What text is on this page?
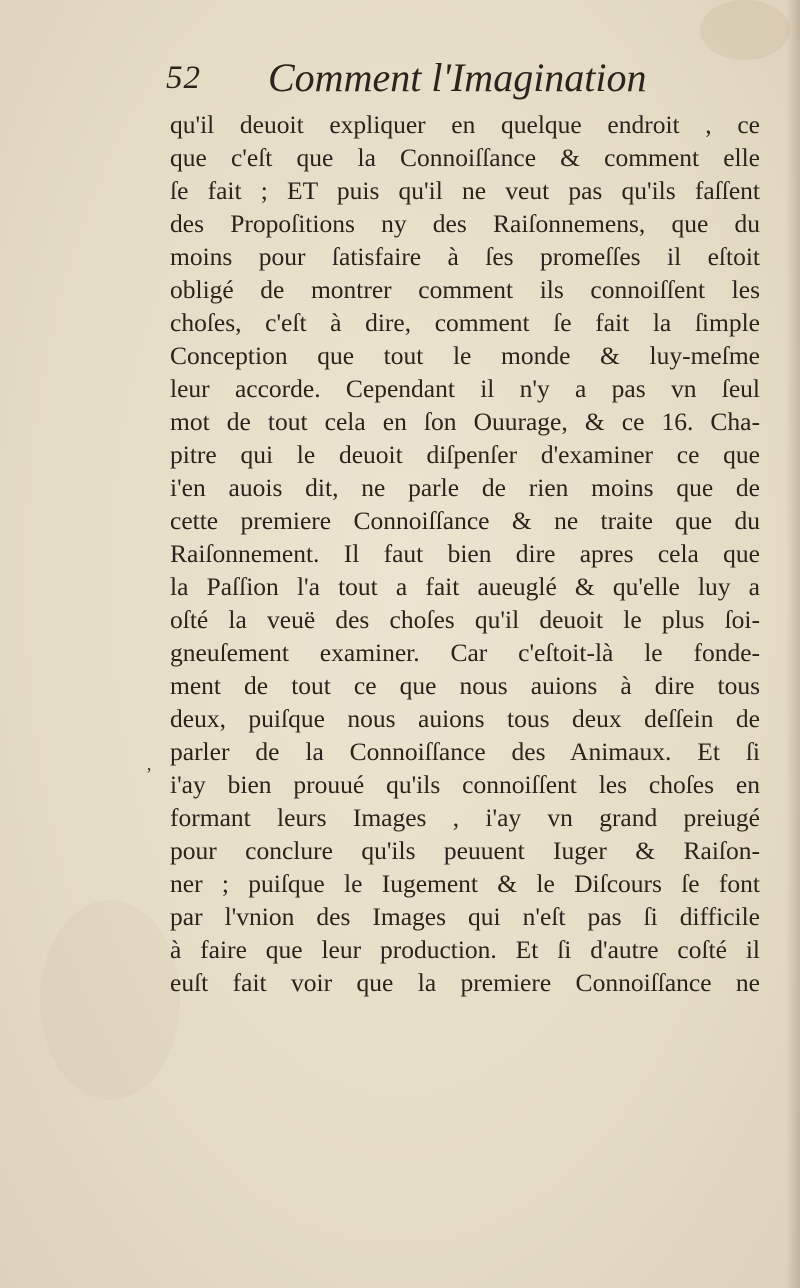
52 Comment l'Imagination
‚
qu'il deuoit expliquer en quelque endroit , ce
que c'eſt que la Connoiſſance & comment elle
ſe fait ; ET puis qu'il ne veut pas qu'ils faſſent
des Propoſitions ny des Raiſonnemens, que du
moins pour ſatisfaire à ſes promeſſes il eſtoit
obligé de montrer comment ils connoiſſent les
choſes, c'eſt à dire, comment ſe fait la ſimple
Conception que tout le monde & luy-meſme
leur accorde. Cependant il n'y a pas vn ſeul
mot de tout cela en ſon Ouurage, & ce 16. Cha-
pitre qui le deuoit diſpenſer d'examiner ce que
i'en auois dit, ne parle de rien moins que de
cette premiere Connoiſſance & ne traite que du
Raiſonnement. Il faut bien dire apres cela que
la Paſſion l'a tout a fait aueuglé & qu'elle luy a
oſté la veuë des choſes qu'il deuoit le plus ſoi-
gneuſement examiner. Car c'eſtoit-là le fonde-
ment de tout ce que nous auions à dire tous
deux, puiſque nous auions tous deux deſſein de
parler de la Connoiſſance des Animaux. Et ſi
i'ay bien prouué qu'ils connoiſſent les choſes en
formant leurs Images , i'ay vn grand preiugé
pour conclure qu'ils peuuent Iuger & Raiſon-
ner ; puiſque le Iugement & le Diſcours ſe font
par l'vnion des Images qui n'eſt pas ſi difficile
à faire que leur production. Et ſi d'autre coſté il
euſt fait voir que la premiere Connoiſſance ne
